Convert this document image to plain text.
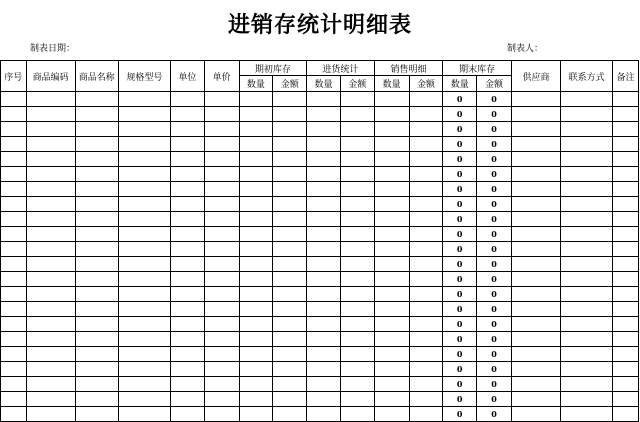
进销存统计明细表
制表日期：	制表人：
序号	商品编码	商品名称	规格型号	单位	单价	期初库存		进货统计		销售明细		期末库存		供应商	联系方式	备注
						数量	金额	数量	金额	数量	金额	数量	金额			
												0	0			
												0	0			
												0	0			
												0	0			
												0	0			
												0	0			
												0	0			
												0	0			
												0	0			
												0	0			
												0	0			
												0	0			
												0	0			
												0	0			
												0	0			
												0	0			
												0	0			
												0	0			
												0	0			
												0	0			
												0	0			
												0	0			
